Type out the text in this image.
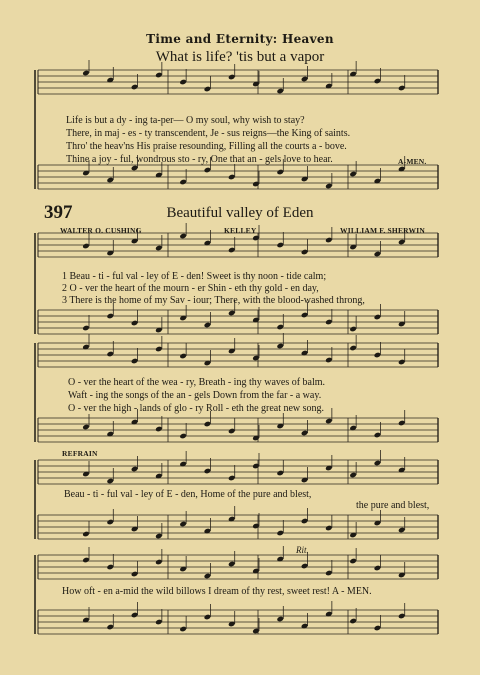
Time and Eternity: Heaven
What is life? 'tis but a vapor
Life is but a dy - ing ta-per— O my soul, why wish to stay?
There, in maj - es - ty transcendent, Je - sus reigns—the King of saints.
Thro' the heav'ns His praise resounding, Filling all the courts a - bove.
Thine a joy - ful, wondrous sto - ry, One that an - gels love to hear.	A-MEN.
397	Beautiful valley of Eden
WALTER O. CUSHING	KELLEY	WILLIAM F. SHERWIN
1 Beau - ti - ful val - ley of E - den! Sweet is thy noon - tide calm;
2 O - ver the heart of the mourn - er Shin - eth thy gold - en day,
3 There is the home of my Sav - iour; There, with the blood-washed throng,
O - ver the heart of the wea - ry, Breath - ing thy waves of balm.
Waft - ing the songs of the an - gels Down from the far - a way.
O - ver the high - lands of glo - ry Roll - eth the great new song.
REFRAIN
Beau - ti - ful val - ley of E - den, Home of the pure and blest,
the pure and blest,
Rit.
How oft - en a-mid the wild billows I dream of thy rest, sweet rest! A - MEN.
